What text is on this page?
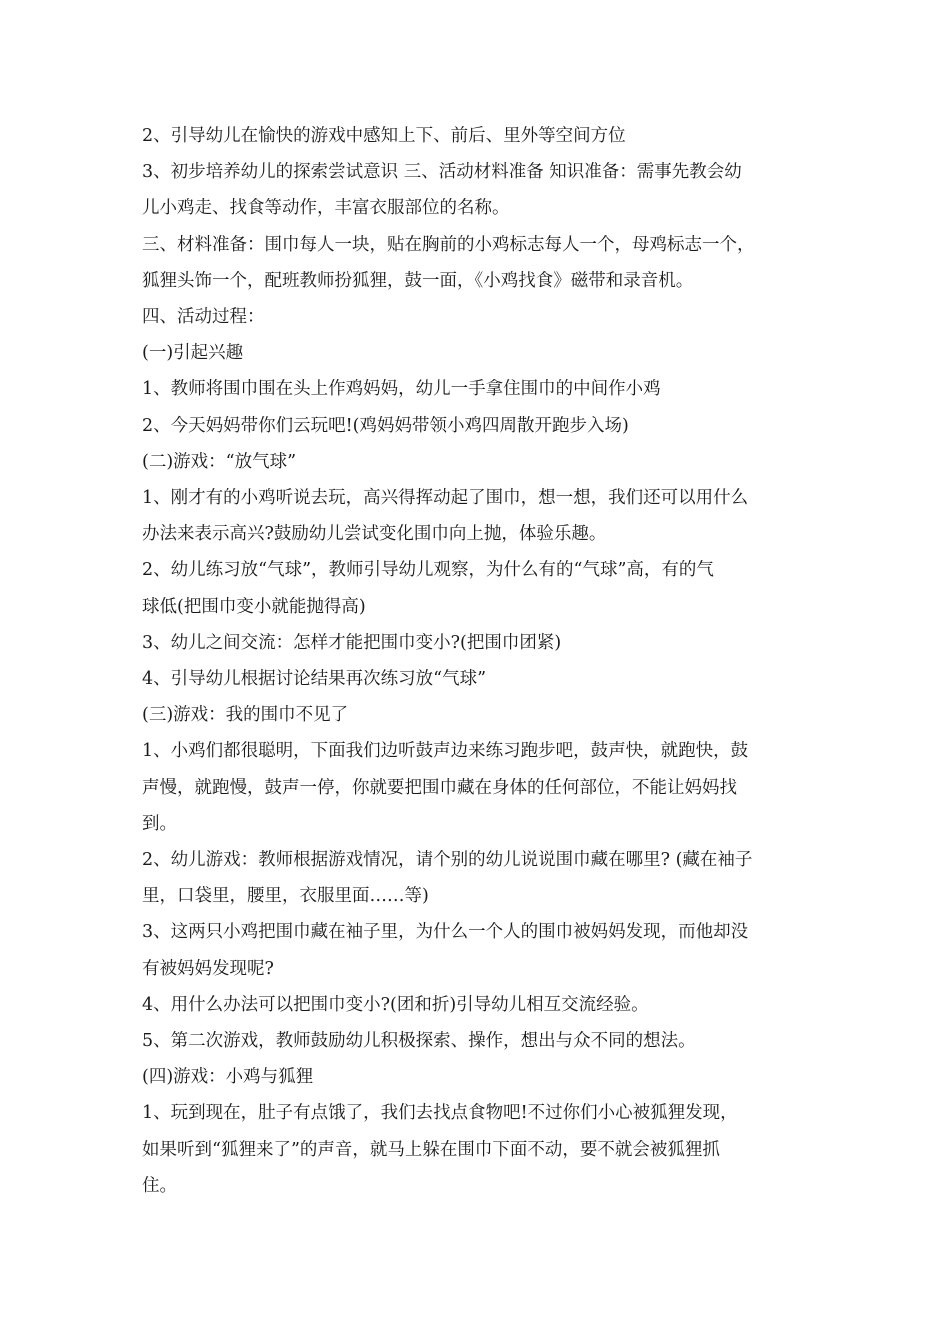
2、引导幼儿在愉快的游戏中感知上下、前后、里外等空间方位

3、初步培养幼儿的探索尝试意识 三、活动材料准备 知识准备：需事先教会幼

儿小鸡走、找食等动作，丰富衣服部位的名称。

三、材料准备：围巾每人一块，贴在胸前的小鸡标志每人一个，母鸡标志一个，

狐狸头饰一个，配班教师扮狐狸，鼓一面，《小鸡找食》磁带和录音机。

四、活动过程：

(一)引起兴趣

1、教师将围巾围在头上作鸡妈妈，幼儿一手拿住围巾的中间作小鸡

2、今天妈妈带你们云玩吧!(鸡妈妈带领小鸡四周散开跑步入场)

(二)游戏：“放气球”

1、刚才有的小鸡听说去玩，高兴得挥动起了围巾，想一想，我们还可以用什么

办法来表示高兴?鼓励幼儿尝试变化围巾向上抛，体验乐趣。

2、幼儿练习放“气球”，教师引导幼儿观察，为什么有的“气球”高，有的气

球低(把围巾变小就能抛得高)

3、幼儿之间交流：怎样才能把围巾变小?(把围巾团紧)

4、引导幼儿根据讨论结果再次练习放“气球”

(三)游戏：我的围巾不见了

1、小鸡们都很聪明，下面我们边听鼓声边来练习跑步吧，鼓声快，就跑快，鼓

声慢，就跑慢，鼓声一停，你就要把围巾藏在身体的任何部位，不能让妈妈找

到。

2、幼儿游戏：教师根据游戏情况，请个别的幼儿说说围巾藏在哪里? (藏在袖子

里，口袋里，腰里，衣服里面……等)

3、这两只小鸡把围巾藏在袖子里，为什么一个人的围巾被妈妈发现，而他却没

有被妈妈发现呢?

4、用什么办法可以把围巾变小?(团和折)引导幼儿相互交流经验。

5、第二次游戏，教师鼓励幼儿积极探索、操作，想出与众不同的想法。

(四)游戏：小鸡与狐狸

1、玩到现在，肚子有点饿了，我们去找点食物吧!不过你们小心被狐狸发现，

如果听到“狐狸来了”的声音，就马上躲在围巾下面不动，要不就会被狐狸抓

住。
